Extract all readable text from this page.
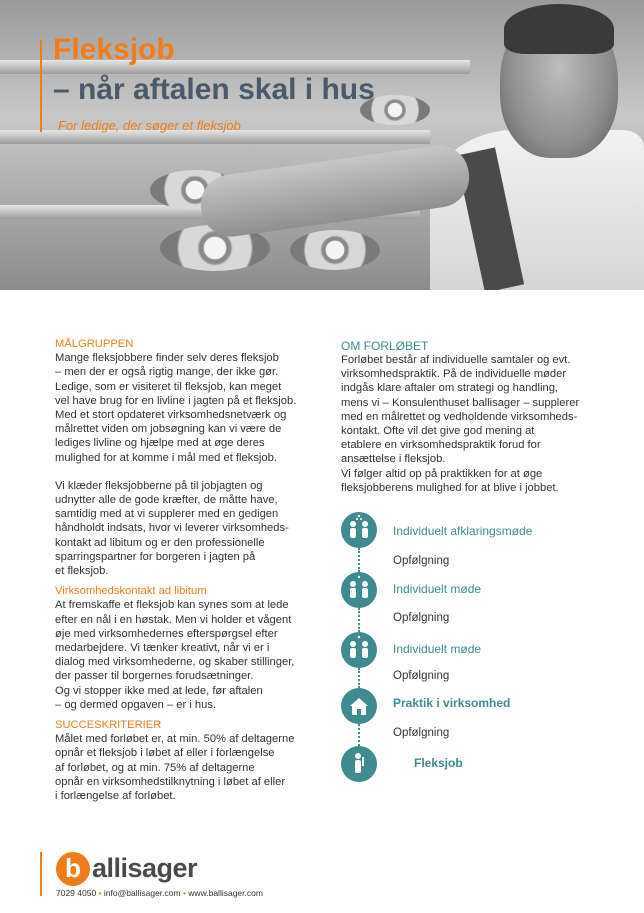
Fleksjob
– når aftalen skal i hus
For ledige, der søger et fleksjob
MÅLGRUPPEN
Mange fleksjobbere finder selv deres fleksjob
– men der er også rigtig mange, der ikke gør.
Ledige, som er visiteret til fleksjob, kan meget
vel have brug for en livline i jagten på et fleksjob.
Med et stort opdateret virksomhedsnetværk og
målrettet viden om jobsøgning kan vi være de
lediges livline og hjælpe med at øge deres
mulighed for at komme i mål med et fleksjob.
Vi klæder fleksjobberne på til jobjagten og
udnytter alle de gode kræfter, de måtte have,
samtidig med at vi supplerer med en gedigen
håndholdt indsats, hvor vi leverer virksomheds-
kontakt ad libitum og er den professionelle
sparringspartner for borgeren i jagten på
et fleksjob.
Virksomhedskontakt ad libitum
At fremskaffe et fleksjob kan synes som at lede
efter en nål i en høstak. Men vi holder et vågent
øje med virksomhedernes efterspørgsel efter
medarbejdere. Vi tænker kreativt, når vi er i
dialog med virksomhederne, og skaber stillinger,
der passer til borgernes forudsætninger.
Og vi stopper ikke med at lede, før aftalen
– og dermed opgaven – er i hus.
SUCCESKRITERIER
Målet med forløbet er, at min. 50% af deltagerne
opnår et fleksjob i løbet af eller i forlængelse
af forløbet, og at min. 75% af deltagerne
opnår en virksomhedstilknytning i løbet af eller
i forlængelse af forløbet.
OM FORLØBET
Forløbet består af individuelle samtaler og evt.
virksomhedspraktik. På de individuelle møder
indgås klare aftaler om strategi og handling,
mens vi – Konsulenthuset ballisager – supplerer
med en målrettet og vedholdende virksomheds-
kontakt. Ofte vil det give god mening at
etablere en virksomhedspraktik forud for
ansættelse i fleksjob.
Vi følger altid op på praktikken for at øge
fleksjobberens mulighed for at blive i jobbet.
Individuelt afklaringsmøde
Opfølgning
Individuelt møde
Opfølgning
Individuelt møde
Opfølgning
Praktik i virksomhed
Opfølgning
Fleksjob
b allisager
7029 4050 • info@ballisager.com • www.ballisager.com
